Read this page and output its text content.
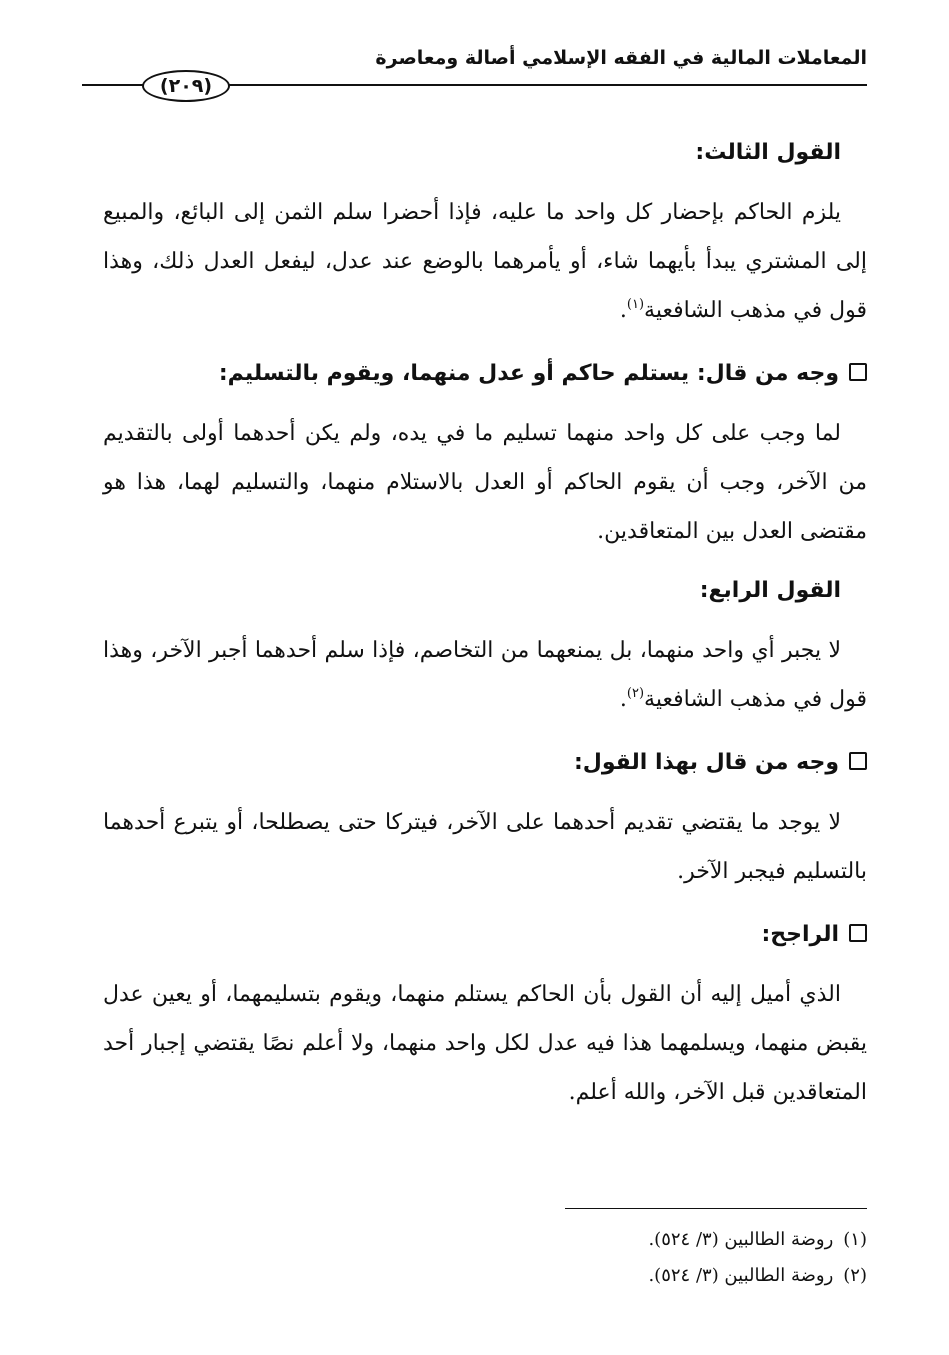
المعاملات المالية في الفقه الإسلامي أصالة ومعاصرة
(٢٠٩)
القول الثالث:

يلزم الحاكم بإحضار كل واحد ما عليه، فإذا أحضرا سلم الثمن إلى البائع، والمبيع إلى المشتري يبدأ بأيهما شاء، أو يأمرهما بالوضع عند عدل، ليفعل العدل ذلك، وهذا قول في مذهب الشافعية$^{(١)}$.

وجه من قال: يستلم حاكم أو عدل منهما، ويقوم بالتسليم:

لما وجب على كل واحد منهما تسليم ما في يده، ولم يكن أحدهما أولى بالتقديم من الآخر، وجب أن يقوم الحاكم أو العدل بالاستلام منهما، والتسليم لهما، هذا هو مقتضى العدل بين المتعاقدين.

القول الرابع:

لا يجبر أي واحد منهما، بل يمنعهما من التخاصم، فإذا سلم أحدهما أجبر الآخر، وهذا قول في مذهب الشافعية$^{(٢)}$.

وجه من قال بهذا القول:

لا يوجد ما يقتضي تقديم أحدهما على الآخر، فيتركا حتى يصطلحا، أو يتبرع أحدهما بالتسليم فيجبر الآخر.

الراجح:

الذي أميل إليه أن القول بأن الحاكم يستلم منهما، ويقوم بتسليمهما، أو يعين عدل يقبض منهما، ويسلمهما هذا فيه عدل لكل واحد منهما، ولا أعلم نصًا يقتضي إجبار أحد المتعاقدين قبل الآخر، والله أعلم.

(١)روضة الطالبين (٣/ ٥٢٤).

(٢)روضة الطالبين (٣/ ٥٢٤).
